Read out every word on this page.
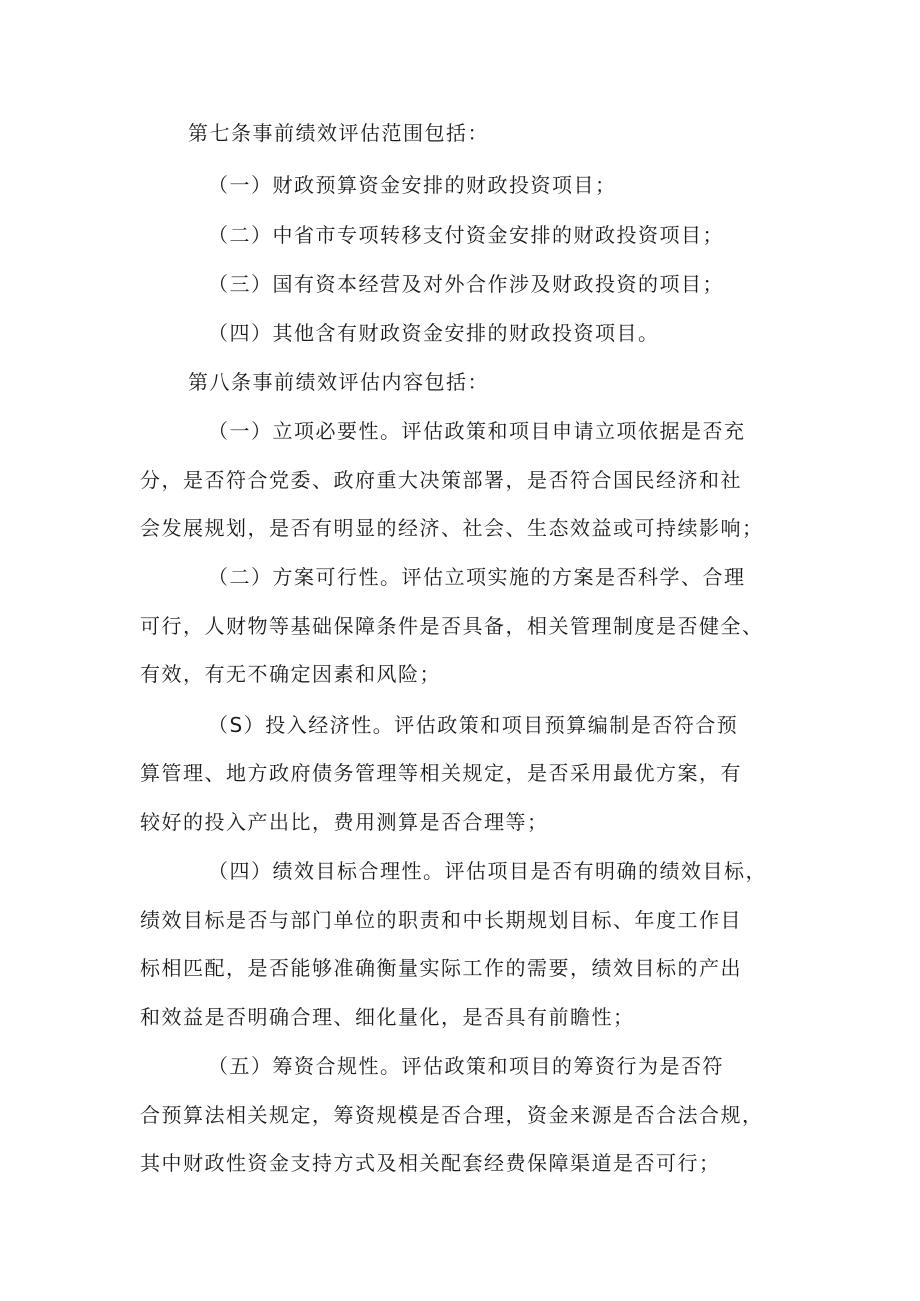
第七条事前绩效评估范围包括：
（一）财政预算资金安排的财政投资项目；
（二）中省市专项转移支付资金安排的财政投资项目；
（三）国有资本经营及对外合作涉及财政投资的项目；
（四）其他含有财政资金安排的财政投资项目。
第八条事前绩效评估内容包括：
（一）立项必要性。评估政策和项目申请立项依据是否充
分，是否符合党委、政府重大决策部署，是否符合国民经济和社
会发展规划，是否有明显的经济、社会、生态效益或可持续影响；
（二）方案可行性。评估立项实施的方案是否科学、合理
可行，人财物等基础保障条件是否具备，相关管理制度是否健全、
有效，有无不确定因素和风险；
（S）投入经济性。评估政策和项目预算编制是否符合预
算管理、地方政府债务管理等相关规定，是否采用最优方案，有
较好的投入产出比，费用测算是否合理等；
（四）绩效目标合理性。评估项目是否有明确的绩效目标，
绩效目标是否与部门单位的职责和中长期规划目标、年度工作目
标相匹配，是否能够准确衡量实际工作的需要，绩效目标的产出
和效益是否明确合理、细化量化，是否具有前瞻性；
（五）筹资合规性。评估政策和项目的筹资行为是否符
合预算法相关规定，筹资规模是否合理，资金来源是否合法合规，
其中财政性资金支持方式及相关配套经费保障渠道是否可行；
